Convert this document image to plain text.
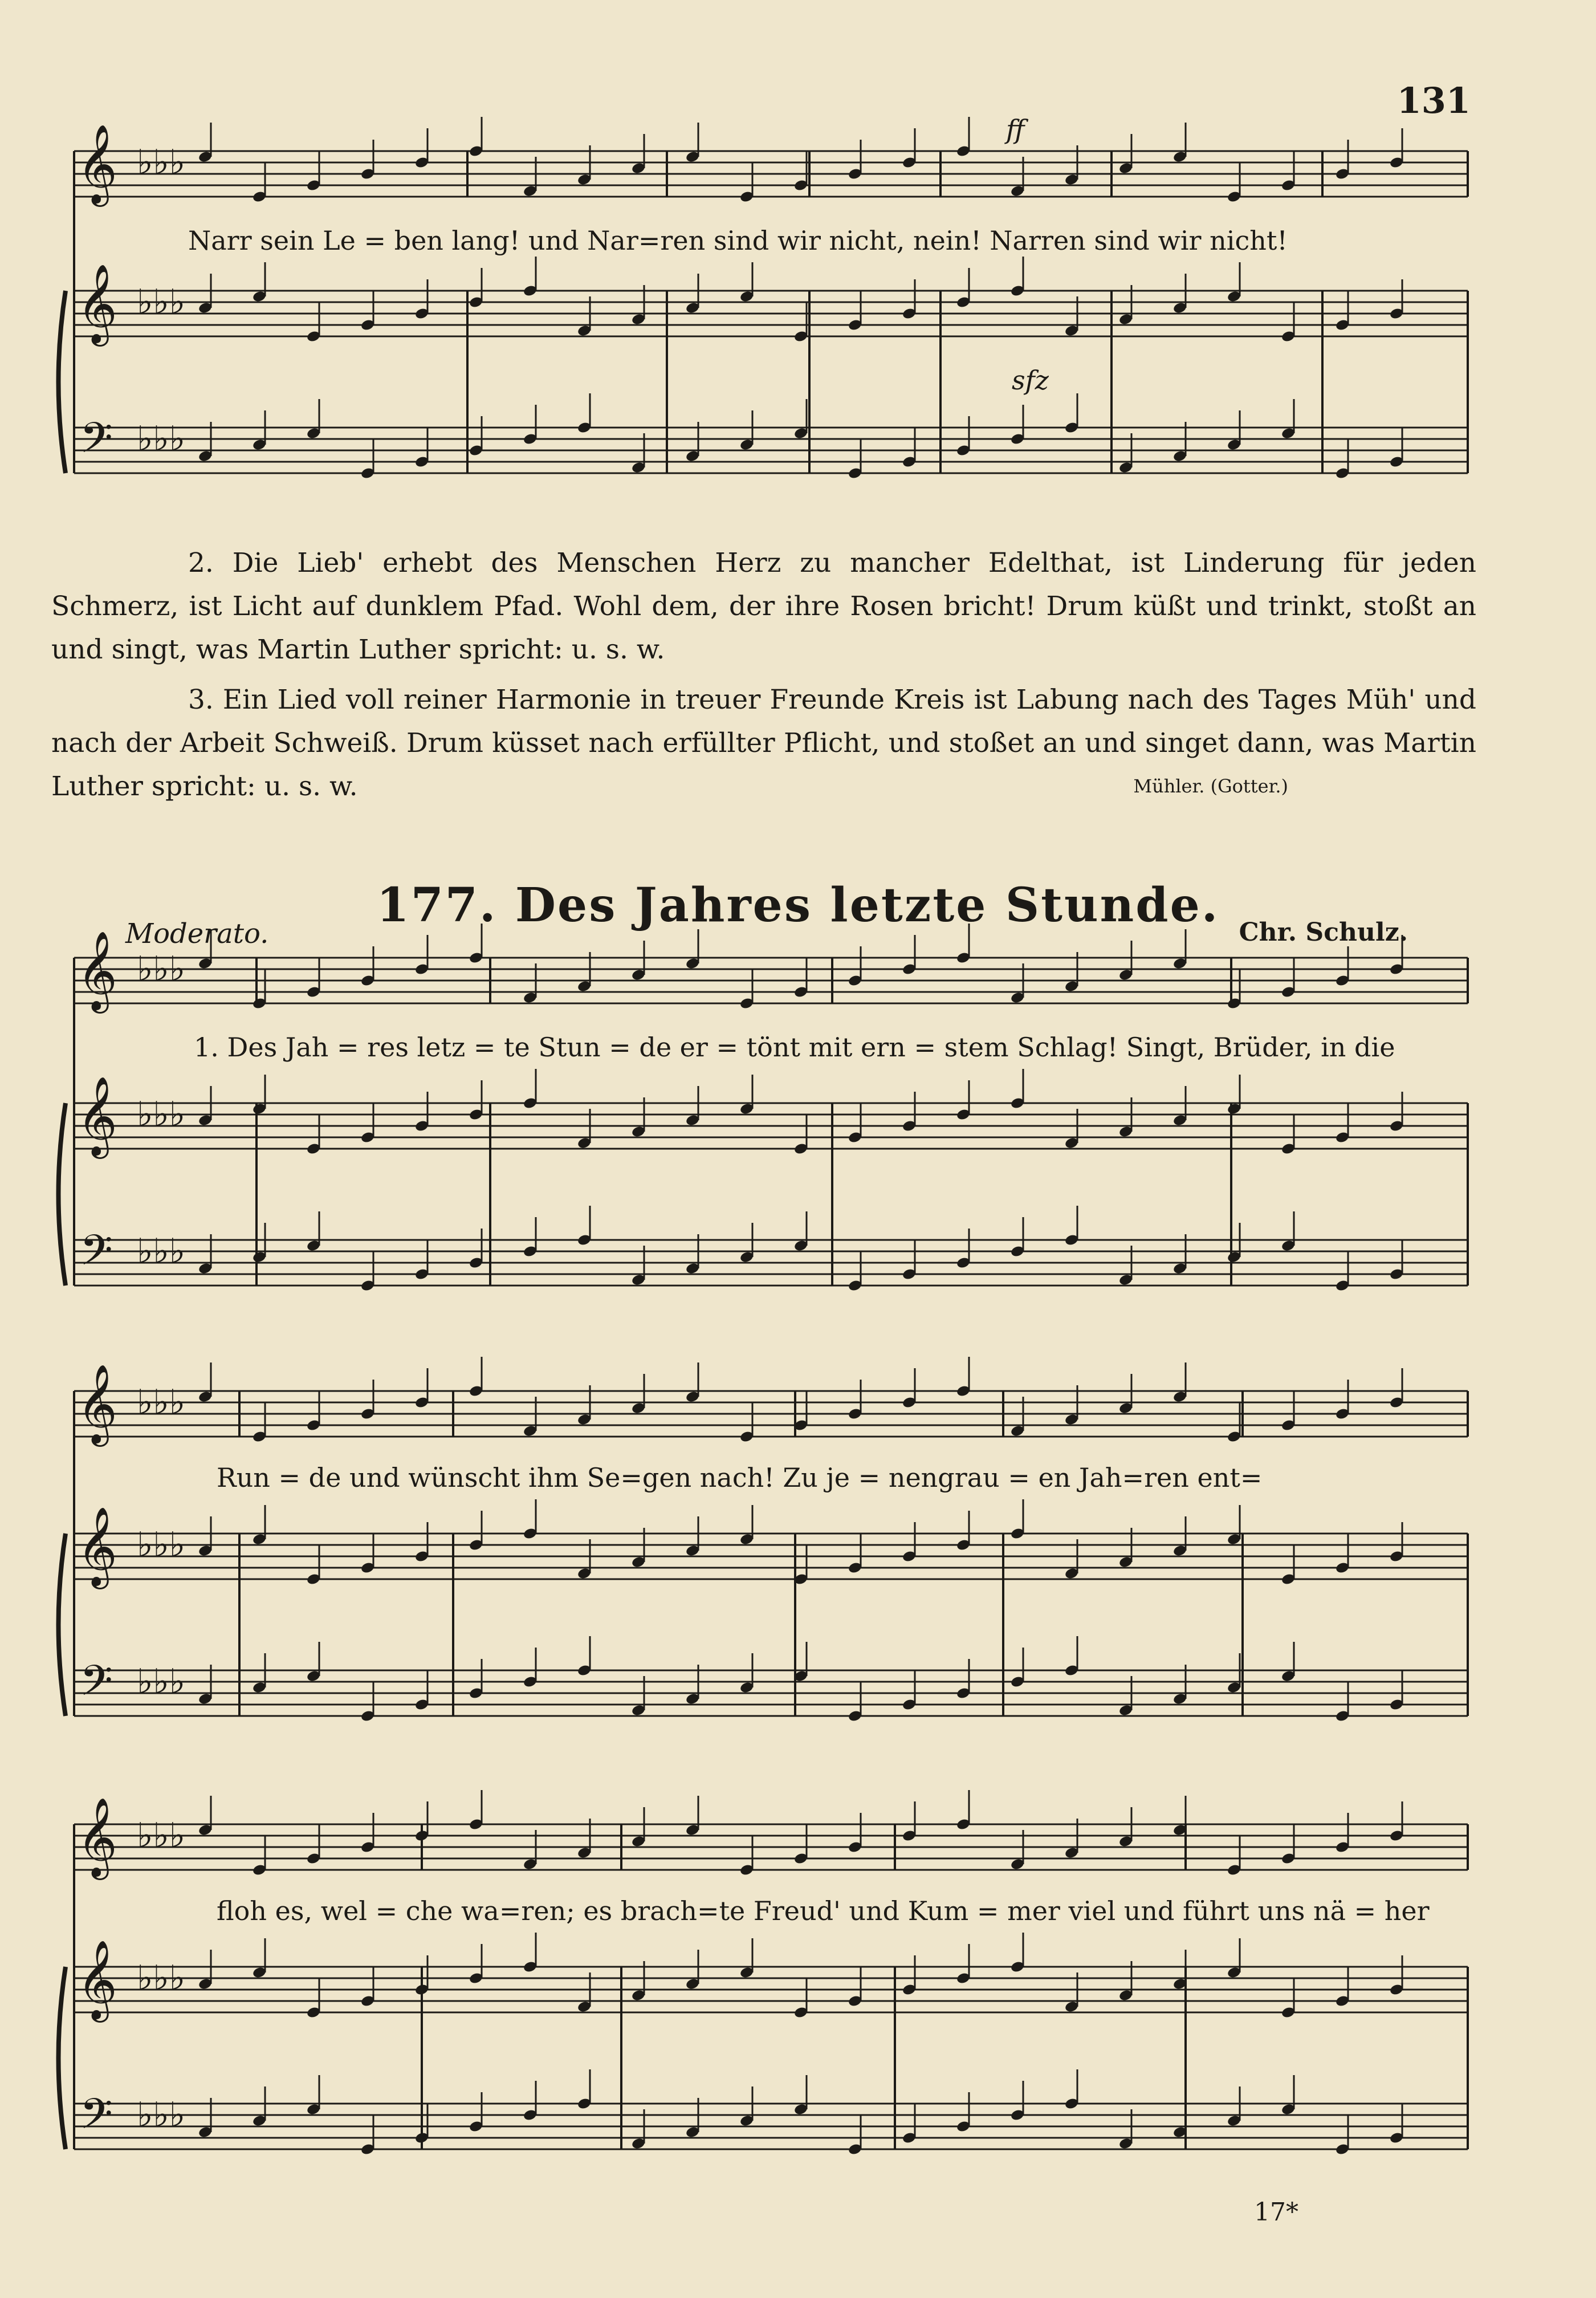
131
𝄞
𝄞
𝄢
♭♭♭
♭♭♭
♭♭♭
𝄞
𝄞
𝄢
♭♭♭
♭♭♭
♭♭♭
𝄞
𝄞
𝄢
♭♭♭
♭♭♭
♭♭♭
𝄞
𝄞
𝄢
♭♭♭
♭♭♭
♭♭♭
ff
Narr sein Le = ben lang! und Nar=ren sind wir nicht, nein! Narren sind wir nicht!
sfz
2. Die Lieb' erhebt des Menschen Herz zu mancher Edelthat, ist Linderung für jeden Schmerz, ist Licht auf dunklem Pfad. Wohl dem, der ihre Rosen bricht! Drum küßt und trinkt, stoßt an und singt, was Martin Luther spricht: u. s. w.
3. Ein Lied voll reiner Harmonie in treuer Freunde Kreis ist Labung nach des Tages Müh' und nach der Arbeit Schweiß. Drum küsset nach erfüllter Pflicht, und stoßet an und singet dann, was Martin Luther spricht: u. s. w.	Mühler. (Gotter.)
177. Des Jahres letzte Stunde.
Moderato.	Chr. Schulz.
1. Des Jah = res letz = te Stun = de er = tönt mit ern = stem Schlag! Singt, Brüder, in die
Run = de und wünscht ihm Se=gen nach! Zu je = nengrau = en Jah=ren ent=
floh es, wel = che wa=ren; es brach=te Freud' und Kum = mer viel und führt uns nä = her
17*
